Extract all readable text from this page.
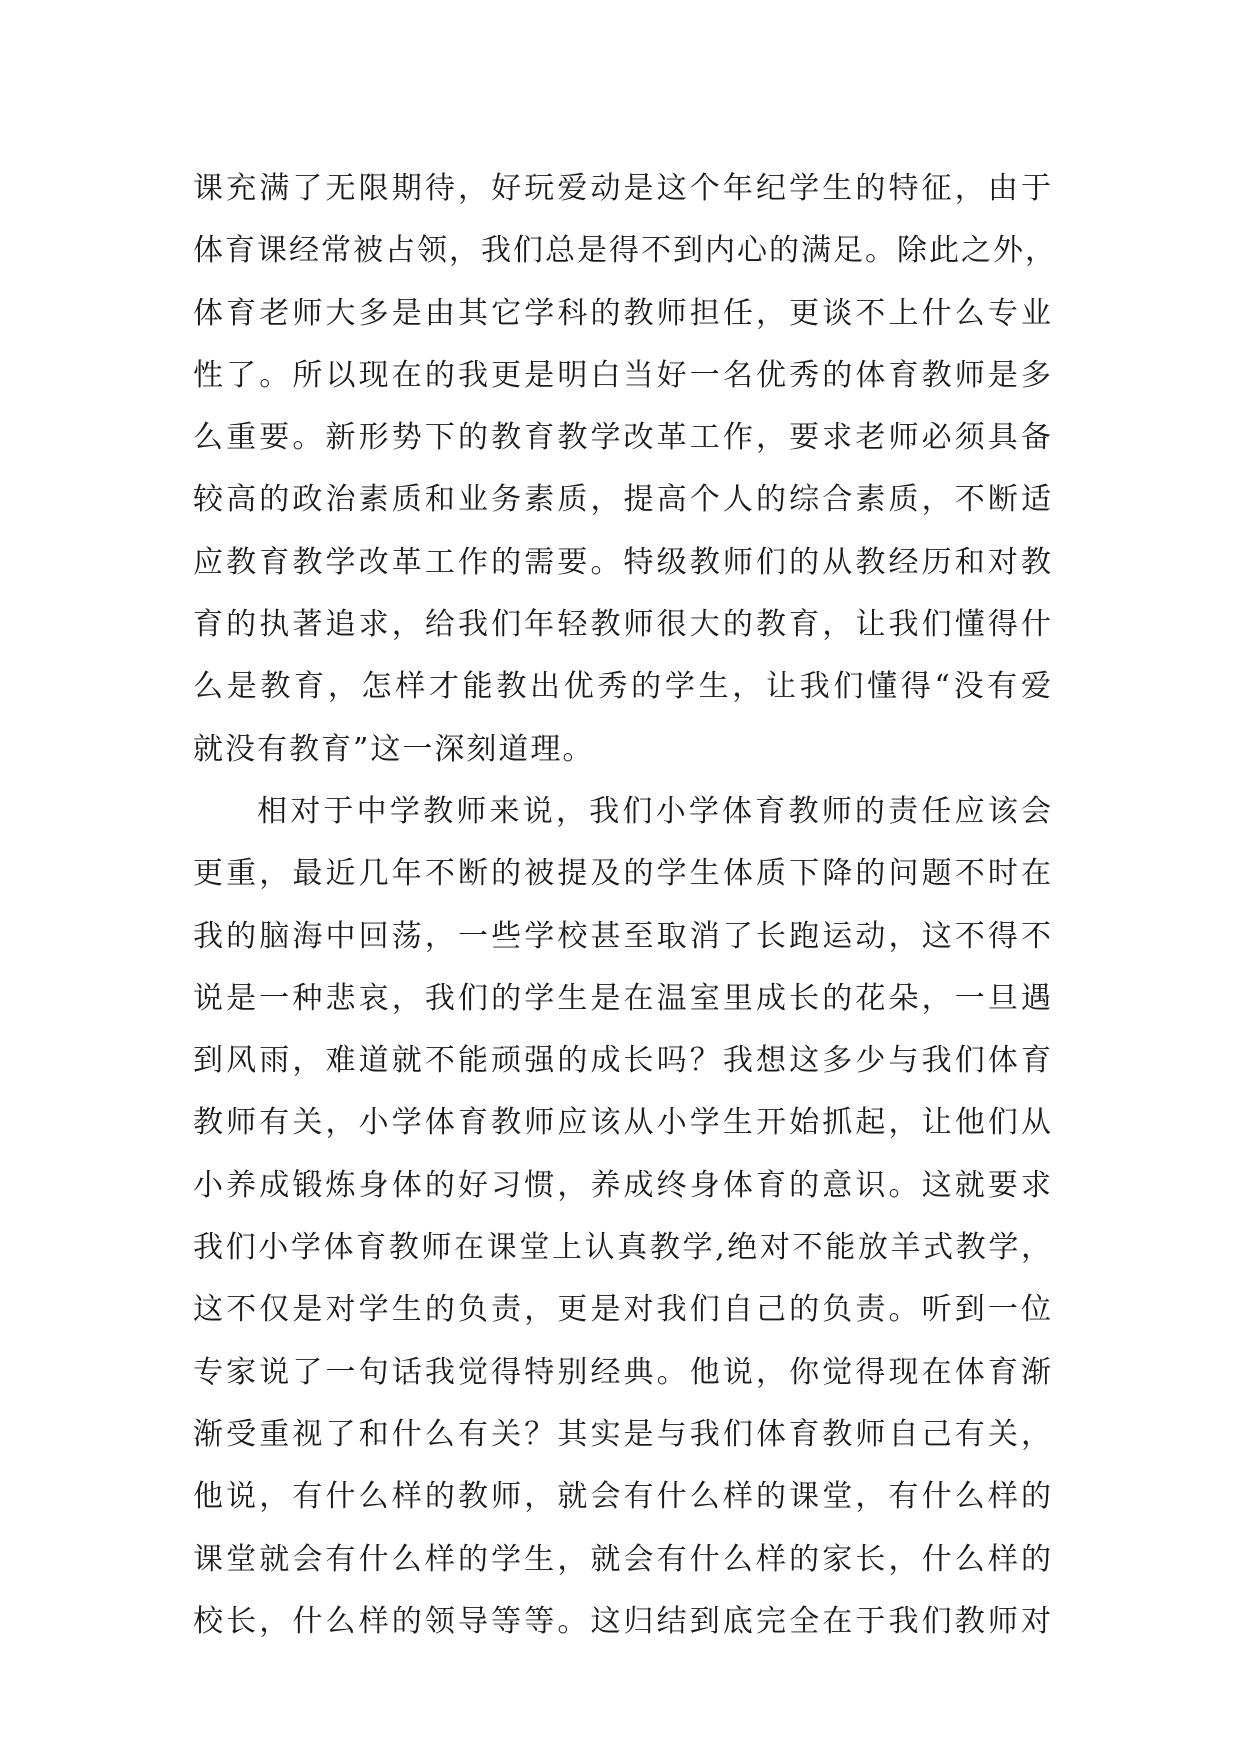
课充满了无限期待，好玩爱动是这个年纪学生的特征，由于
体育课经常被占领，我们总是得不到内心的满足。除此之外，
体育老师大多是由其它学科的教师担任，更谈不上什么专业
性了。所以现在的我更是明白当好一名优秀的体育教师是多
么重要。新形势下的教育教学改革工作，要求老师必须具备
较高的政治素质和业务素质，提高个人的综合素质，不断适
应教育教学改革工作的需要。特级教师们的从教经历和对教
育的执著追求，给我们年轻教师很大的教育，让我们懂得什
么是教育，怎样才能教出优秀的学生，让我们懂得“没有爱
就没有教育”这一深刻道理。
相对于中学教师来说，我们小学体育教师的责任应该会
更重，最近几年不断的被提及的学生体质下降的问题不时在
我的脑海中回荡，一些学校甚至取消了长跑运动，这不得不
说是一种悲哀，我们的学生是在温室里成长的花朵，一旦遇
到风雨，难道就不能顽强的成长吗？我想这多少与我们体育
教师有关，小学体育教师应该从小学生开始抓起，让他们从
小养成锻炼身体的好习惯，养成终身体育的意识。这就要求
我们小学体育教师在课堂上认真教学,绝对不能放羊式教学，
这不仅是对学生的负责，更是对我们自己的负责。听到一位
专家说了一句话我觉得特别经典。他说，你觉得现在体育渐
渐受重视了和什么有关？其实是与我们体育教师自己有关，
他说，有什么样的教师，就会有什么样的课堂，有什么样的
课堂就会有什么样的学生，就会有什么样的家长，什么样的
校长，什么样的领导等等。这归结到底完全在于我们教师对
